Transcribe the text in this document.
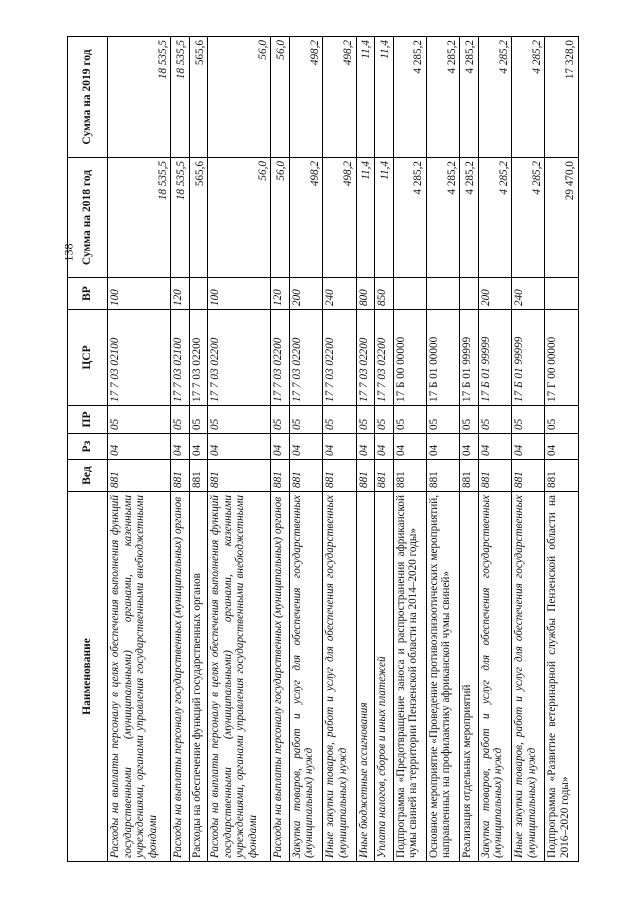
138
Наименование	Вед	Рз	ПР	ЦСР	ВР	Сумма на 2018 год	Сумма на 2019 год
Расходы на выплаты персоналу в целях обеспечения выполнения функций государственными (муниципальными) органами, казенными учреждениями, органами управления государственными внебюджетными фондами	881	04	05	17 7 03 02100	100	18 535,5	18 535,5
Расходы на выплаты персоналу государственных (муниципальных) органов	881	04	05	17 7 03 02100	120	18 535,5	18 535,5
Расходы на обеспечение функций государственных органов	881	04	05	17 7 03 02200		565,6	565,6
Расходы на выплаты персоналу в целях обеспечения выполнения функций государственными (муниципальными) органами, казенными учреждениями, органами управления государственными внебюджетными фондами	881	04	05	17 7 03 02200	100	56,0	56,0
Расходы на выплаты персоналу государственных (муниципальных) органов	881	04	05	17 7 03 02200	120	56,0	56,0
Закупка товаров, работ и услуг для обеспечения государственных (муниципальных) нужд	881	04	05	17 7 03 02200	200	498,2	498,2
Иные закупки товаров, работ и услуг для обеспечения государственных (муниципальных) нужд	881	04	05	17 7 03 02200	240	498,2	498,2
Иные бюджетные ассигнования	881	04	05	17 7 03 02200	800	11,4	11,4
Уплата налогов, сборов и иных платежей	881	04	05	17 7 03 02200	850	11,4	11,4
Подпрограмма «Предотвращение заноса и распространения африканской чумы свиней на территории Пензенской области на 2014–2020 годы»	881	04	05	17 Б 00 00000		4 285,2	4 285,2
Основное мероприятие «Проведение противоэпизоотических мероприятий, направленных на профилактику африканской чумы свиней»	881	04	05	17 Б 01 00000		4 285,2	4 285,2
Реализация отдельных мероприятий	881	04	05	17 Б 01 99999		4 285,2	4 285,2
Закупка товаров, работ и услуг для обеспечения государственных (муниципальных) нужд	881	04	05	17 Б 01 99999	200	4 285,2	4 285,2
Иные закупки товаров, работ и услуг для обеспечения государственных (муниципальных) нужд	881	04	05	17 Б 01 99999	240	4 285,2	4 285,2
Подпрограмма «Развитие ветеринарной службы Пензенской области на 2016–2020 годы»	881	04	05	17 Г 00 00000		29 470,0	17 328,0
